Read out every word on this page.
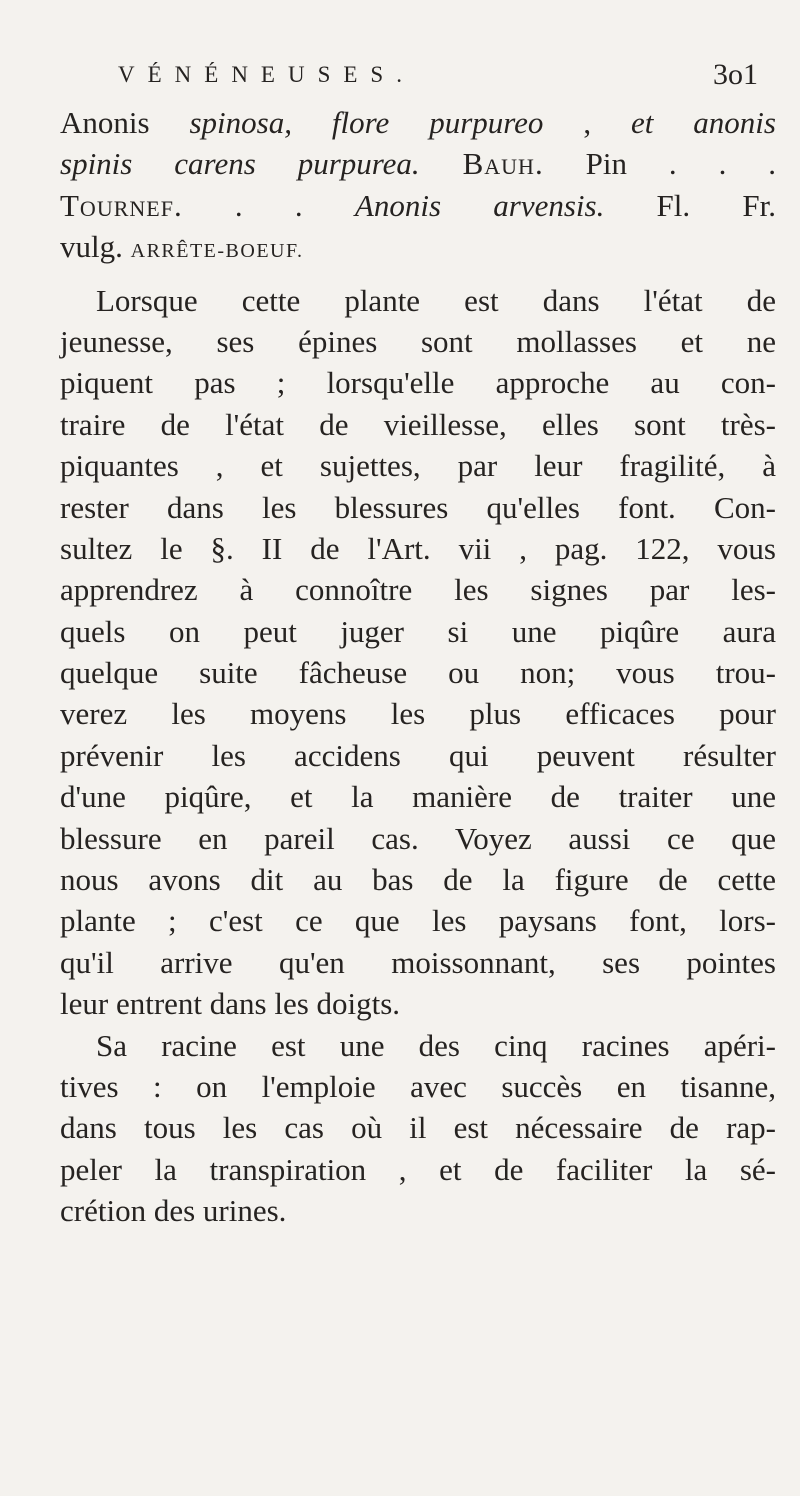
VÉNÉNEUSES.	3o1
Anonis spinosa, flore purpureo , et anonis
spinis carens purpurea. Bauh. Pin . . .
Tournef. . . Anonis arvensis. Fl. Fr.
vulg. ARRÊTE-BOEUF.
Lorsque cette plante est dans l'état de
jeunesse, ses épines sont mollasses et ne
piquent pas ; lorsqu'elle approche au con-
traire de l'état de vieillesse, elles sont très-
piquantes , et sujettes, par leur fragilité, à
rester dans les blessures qu'elles font. Con-
sultez le §. II de l'Art. vii , pag. 122, vous
apprendrez à connoître les signes par les-
quels on peut juger si une piqûre aura
quelque suite fâcheuse ou non; vous trou-
verez les moyens les plus efficaces pour
prévenir les accidens qui peuvent résulter
d'une piqûre, et la manière de traiter une
blessure en pareil cas. Voyez aussi ce que
nous avons dit au bas de la figure de cette
plante ; c'est ce que les paysans font, lors-
qu'il arrive qu'en moissonnant, ses pointes
leur entrent dans les doigts.
Sa racine est une des cinq racines apéri-
tives : on l'emploie avec succès en tisanne,
dans tous les cas où il est nécessaire de rap-
peler la transpiration , et de faciliter la sé-
crétion des urines.
